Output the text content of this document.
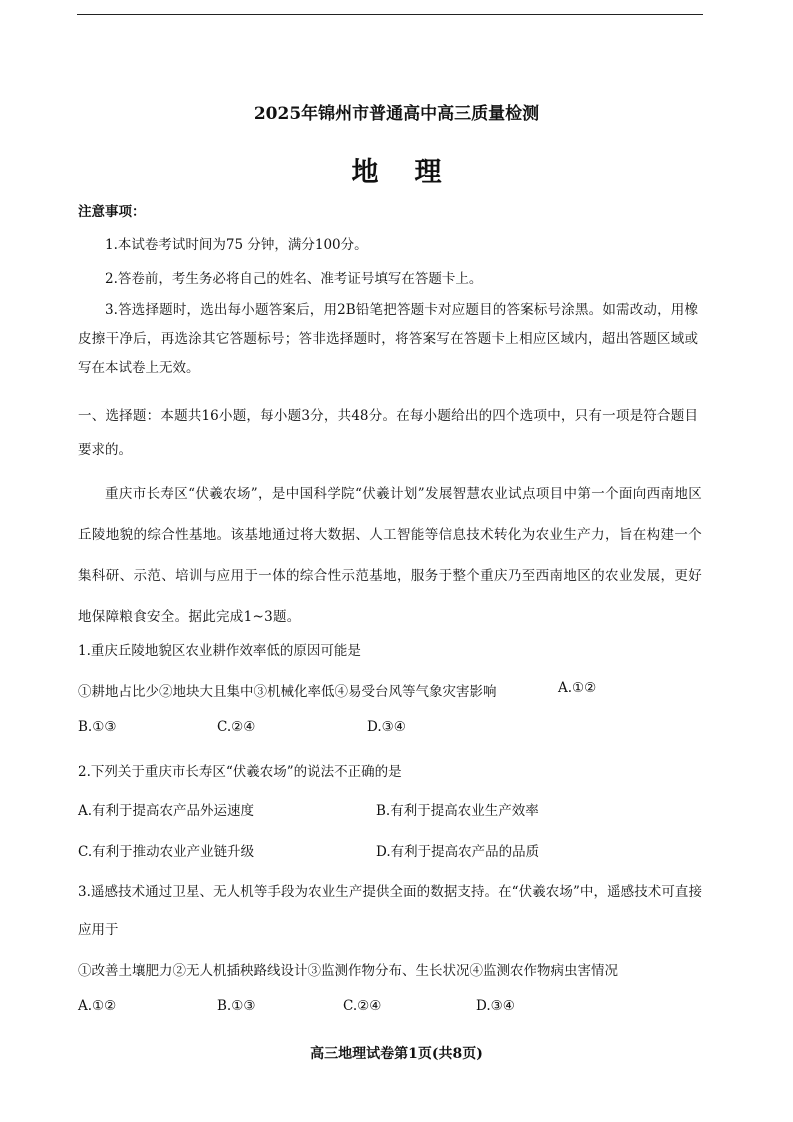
2025年锦州市普通高中高三质量检测
地理
注意事项：
1.本试卷考试时间为75 分钟，满分100分。
2.答卷前，考生务必将自己的姓名、准考证号填写在答题卡上。
3.答选择题时，选出每小题答案后，用2B铅笔把答题卡对应题目的答案标号涂黑。如需改动，用橡皮擦干净后，再选涂其它答题标号；答非选择题时，将答案写在答题卡上相应区域内，超出答题区域或写在本试卷上无效。
一、选择题：本题共16小题，每小题3分，共48分。在每小题给出的四个选项中，只有一项是符合题目要求的。
重庆市长寿区“伏羲农场”，是中国科学院“伏羲计划”发展智慧农业试点项目中第一个面向西南地区丘陵地貌的综合性基地。该基地通过将大数据、人工智能等信息技术转化为农业生产力，旨在构建一个集科研、示范、培训与应用于一体的综合性示范基地，服务于整个重庆乃至西南地区的农业发展，更好地保障粮食安全。据此完成1~3题。
1.重庆丘陵地貌区农业耕作效率低的原因可能是
①耕地占比少②地块大且集中③机械化率低④易受台风等气象灾害影响	A.①②
B.①③	C.②④	D.③④
2.下列关于重庆市长寿区“伏羲农场”的说法不正确的是
A.有利于提高农产品外运速度	B.有利于提高农业生产效率
C.有利于推动农业产业链升级	D.有利于提高农产品的品质
3.遥感技术通过卫星、无人机等手段为农业生产提供全面的数据支持。在“伏羲农场”中，遥感技术可直接应用于
①改善土壤肥力②无人机插秧路线设计③监测作物分布、生长状况④监测农作物病虫害情况
A.①②	B.①③	C.②④	D.③④
高三地理试卷第1页(共8页)
